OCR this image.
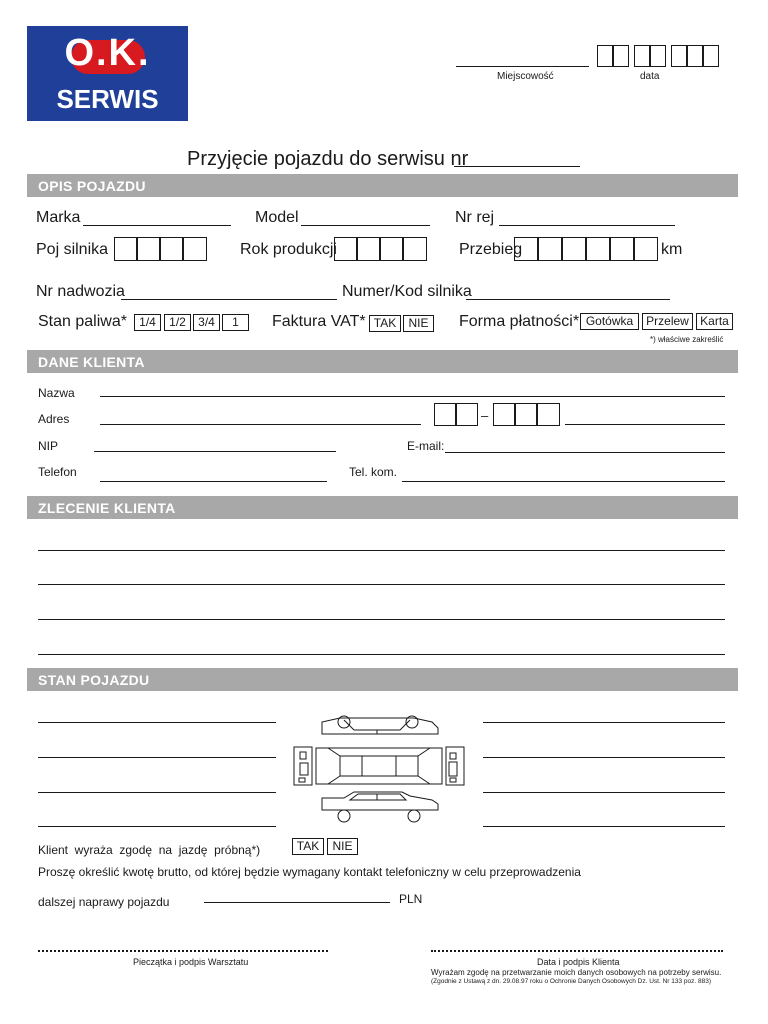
O.K.
SERWIS
Miejscowość	data
Przyjęcie pojazdu do serwisu nr
OPIS POJAZDU
Marka	Model	Nr rej
Poj silnika	Rok produkcji	Przebieg	km
Nr nadwozia	Numer/Kod silnika
Stan paliwa*	1/4	1/2	3/4	1	Faktura VAT* TAK	NIE	Forma płatności* Gotówka	Przelew Karta
*) właściwe zakreślić
DANE KLIENTA
Nazwa
Adres	–
NIP	E-mail:
Telefon	Tel. kom.
ZLECENIE KLIENTA
STAN POJAZDU
Klient  wyraża  zgodę  na  jazdę  próbną*)	TAK	NIE
Proszę określić kwotę brutto, od której będzie wymagany kontakt telefoniczny w celu przeprowadzenia
dalszej naprawy pojazdu	PLN
Pieczątka i podpis Warsztatu	Data i podpis Klienta
Wyrażam zgodę na przetwarzanie moich danych osobowych na potrzeby serwisu.
(Zgodnie z Ustawą z dn. 29.08.97 roku o Ochronie Danych Osobowych Dz. Ust. Nr 133 poz. 883)
